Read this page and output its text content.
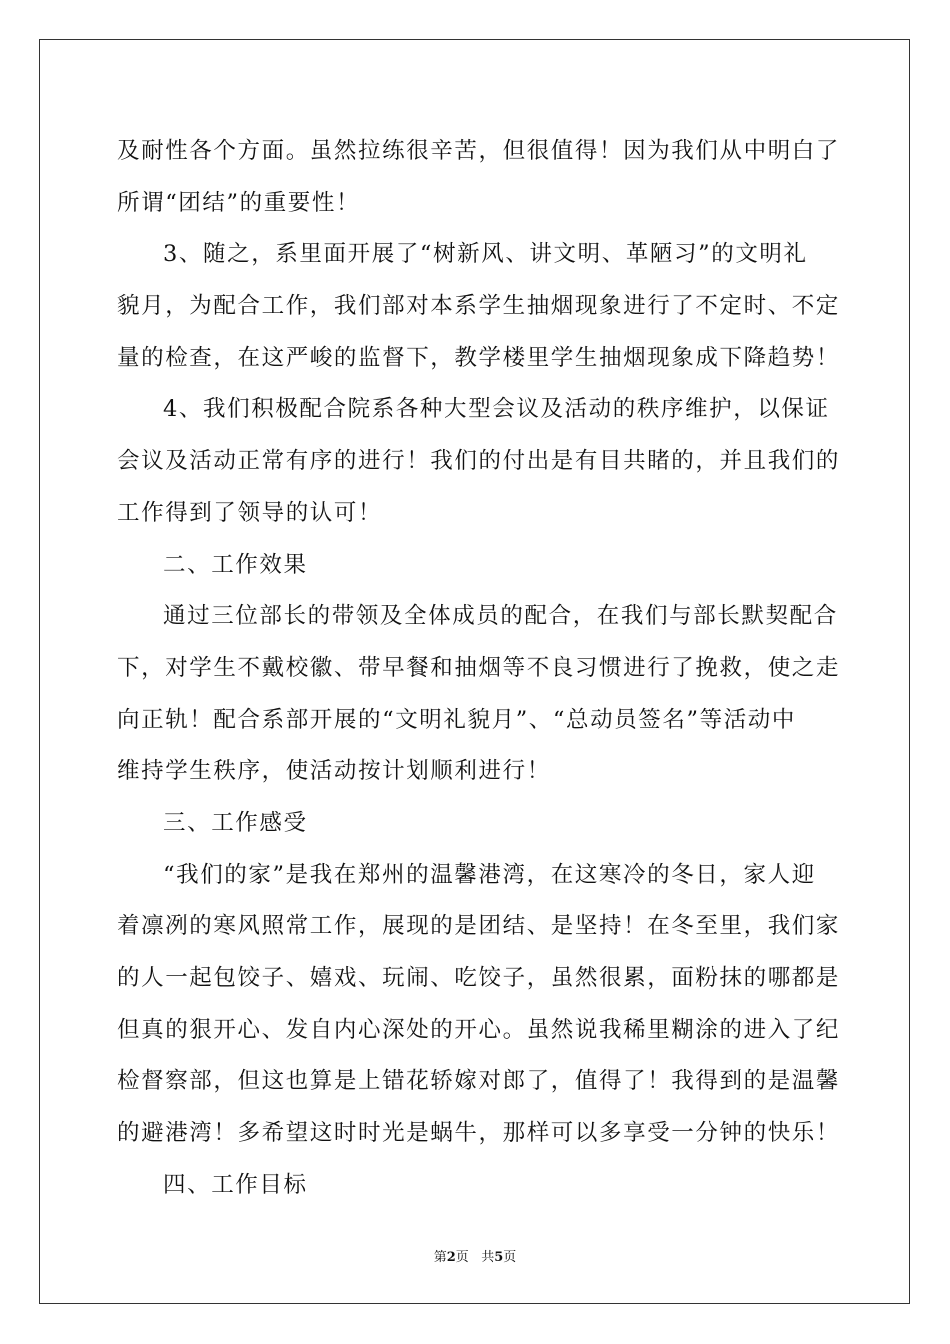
及耐性各个方面。虽然拉练很辛苦，但很值得！因为我们从中明白了
所谓“团结”的重要性！
3、随之，系里面开展了“树新风、讲文明、革陋习”的文明礼
貌月，为配合工作，我们部对本系学生抽烟现象进行了不定时、不定
量的检查，在这严峻的监督下，教学楼里学生抽烟现象成下降趋势！
4、我们积极配合院系各种大型会议及活动的秩序维护，以保证
会议及活动正常有序的进行！我们的付出是有目共睹的，并且我们的
工作得到了领导的认可！
二、工作效果
通过三位部长的带领及全体成员的配合，在我们与部长默契配合
下，对学生不戴校徽、带早餐和抽烟等不良习惯进行了挽救，使之走
向正轨！配合系部开展的“文明礼貌月”、“总动员签名”等活动中
维持学生秩序，使活动按计划顺利进行！
三、工作感受
“我们的家”是我在郑州的温馨港湾，在这寒冷的冬日，家人迎
着凛冽的寒风照常工作，展现的是团结、是坚持！在冬至里，我们家
的人一起包饺子、嬉戏、玩闹、吃饺子，虽然很累，面粉抹的哪都是
但真的狠开心、发自内心深处的开心。虽然说我稀里糊涂的进入了纪
检督察部，但这也算是上错花轿嫁对郎了，值得了！我得到的是温馨
的避港湾！多希望这时时光是蜗牛，那样可以多享受一分钟的快乐！
四、工作目标
第2页 共5页
